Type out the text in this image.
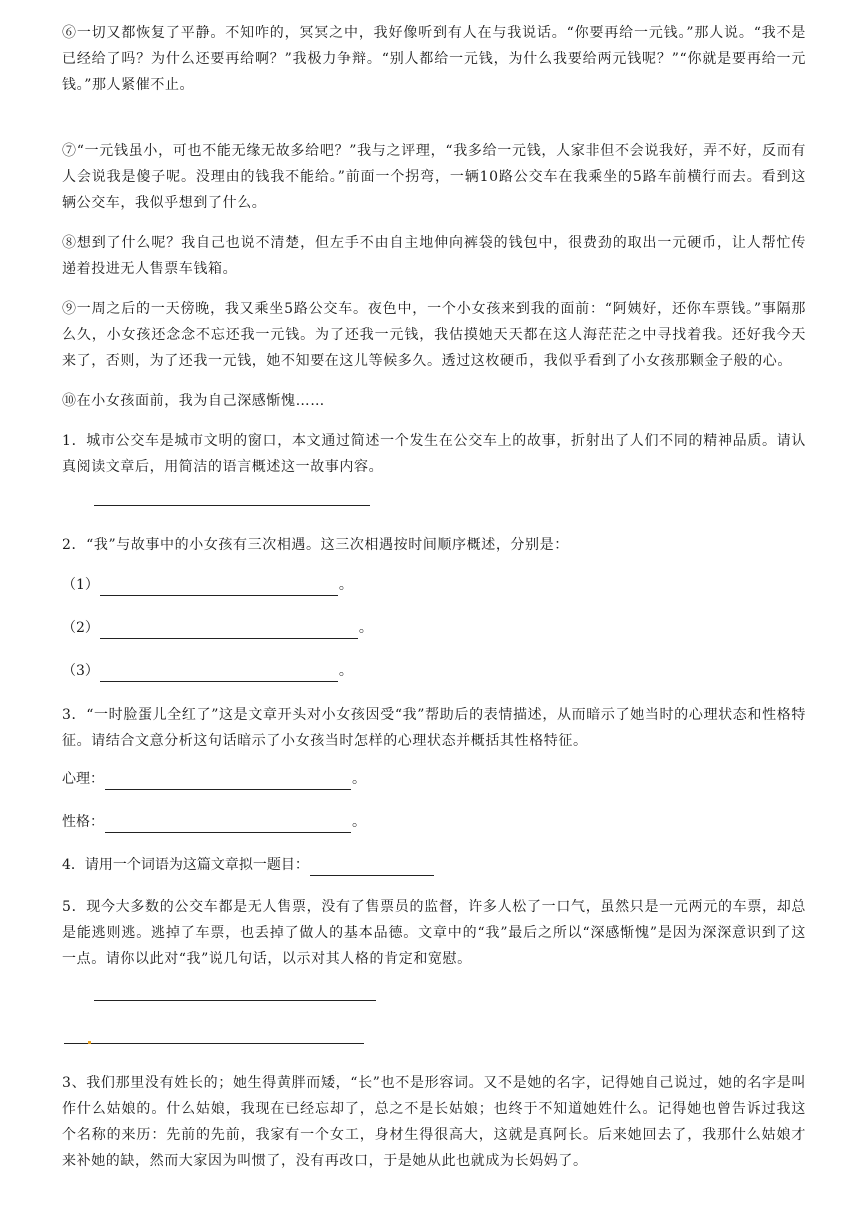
⑥一切又都恢复了平静。不知咋的，冥冥之中，我好像听到有人在与我说话。“你要再给一元钱。”那人说。“我不是已经给了吗？为什么还要再给啊？”我极力争辩。“别人都给一元钱，为什么我要给两元钱呢？”“你就是要再给一元钱。”那人紧催不止。

⑦“一元钱虽小，可也不能无缘无故多给吧？”我与之评理，“我多给一元钱，人家非但不会说我好，弄不好，反而有人会说我是傻子呢。没理由的钱我不能给。”前面一个拐弯，一辆10路公交车在我乘坐的5路车前横行而去。看到这辆公交车，我似乎想到了什么。

⑧想到了什么呢？我自己也说不清楚，但左手不由自主地伸向裤袋的钱包中，很费劲的取出一元硬币，让人帮忙传递着投进无人售票车钱箱。

⑨一周之后的一天傍晚，我又乘坐5路公交车。夜色中，一个小女孩来到我的面前：“阿姨好，还你车票钱。”事隔那么久，小女孩还念念不忘还我一元钱。为了还我一元钱，我估摸她天天都在这人海茫茫之中寻找着我。还好我今天来了，否则，为了还我一元钱，她不知要在这儿等候多久。透过这枚硬币，我似乎看到了小女孩那颗金子般的心。

⑩在小女孩面前，我为自己深感惭愧……

1．城市公交车是城市文明的窗口，本文通过简述一个发生在公交车上的故事，折射出了人们不同的精神品质。请认真阅读文章后，用简洁的语言概述这一故事内容。

2．“我”与故事中的小女孩有三次相遇。这三次相遇按时间顺序概述，分别是：

（1）	。
（2）	。
（3）	。

3．“一时脸蛋儿全红了”这是文章开头对小女孩因受“我”帮助后的表情描述，从而暗示了她当时的心理状态和性格特征。请结合文意分析这句话暗示了小女孩当时怎样的心理状态并概括其性格特征。

心理：	。
性格：	。
4．请用一个词语为这篇文章拟一题目：

5．现今大多数的公交车都是无人售票，没有了售票员的监督，许多人松了一口气，虽然只是一元两元的车票，却总是能逃则逃。逃掉了车票，也丢掉了做人的基本品德。文章中的“我”最后之所以“深感惭愧”是因为深深意识到了这一点。请你以此对“我”说几句话，以示对其人格的肯定和宽慰。

3、我们那里没有姓长的；她生得黄胖而矮，“长”也不是形容词。又不是她的名字，记得她自己说过，她的名字是叫作什么姑娘的。什么姑娘，我现在已经忘却了，总之不是长姑娘；也终于不知道她姓什么。记得她也曾告诉过我这个名称的来历：先前的先前，我家有一个女工，身材生得很高大，这就是真阿长。后来她回去了，我那什么姑娘才来补她的缺，然而大家因为叫惯了，没有再改口，于是她从此也就成为长妈妈了。
